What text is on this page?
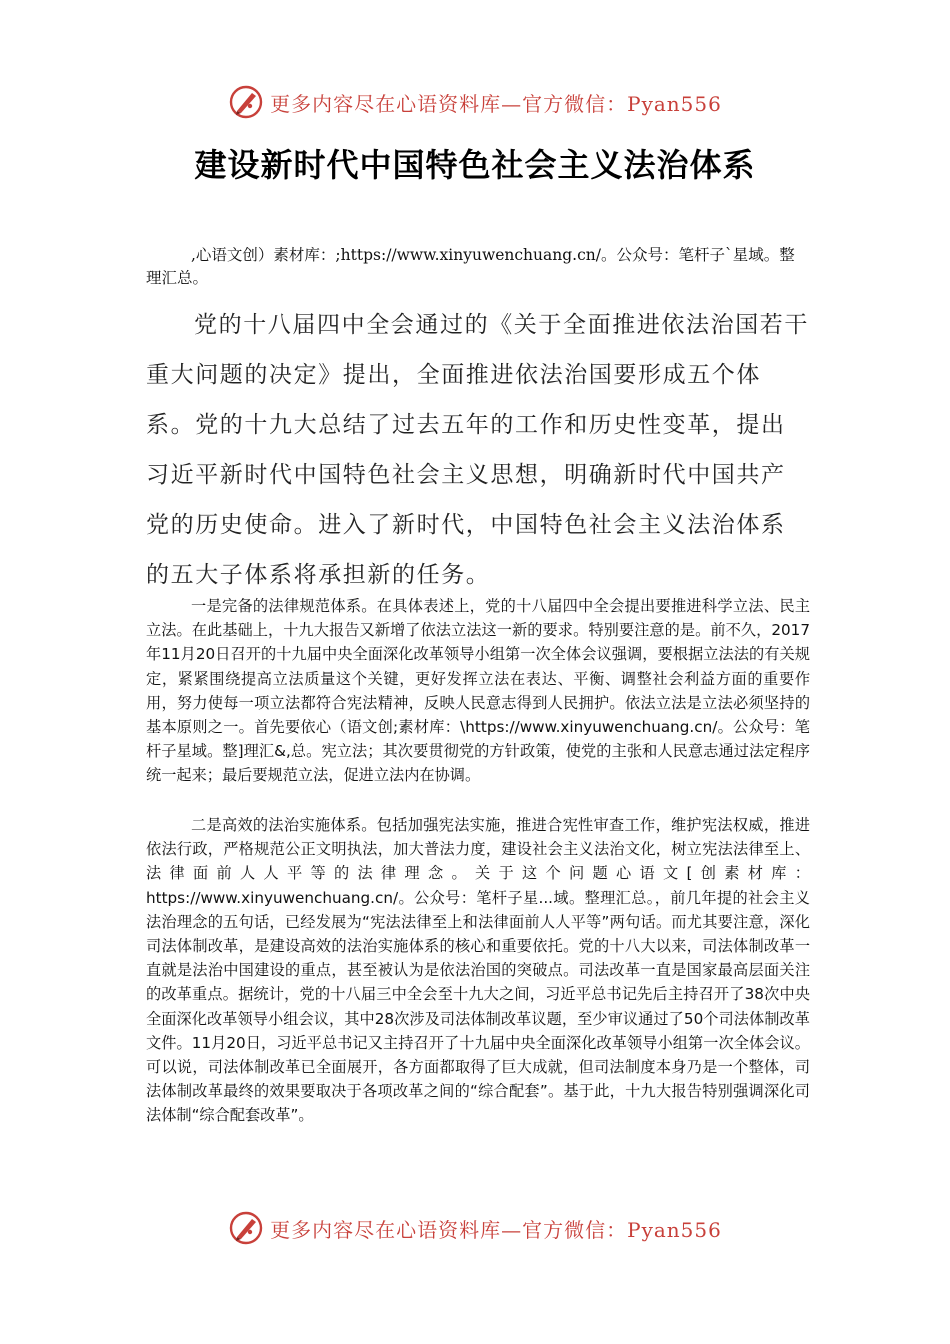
更多内容尽在心语资料库—官方微信：Pyan556
建设新时代中国特色社会主义法治体系

,心语文创）素材库：;https://www.xinyuwenchuang.cn/。公众号：笔杆子`星域。整理汇总。

党的十八届四中全会通过的《关于全面推进依法治国若干重大问题的决定》提出，全面推进依法治国要形成五个体系。党的十九大总结了过去五年的工作和历史性变革，提出习近平新时代中国特色社会主义思想，明确新时代中国共产党的历史使命。进入了新时代，中国特色社会主义法治体系的五大子体系将承担新的任务。

一是完备的法律规范体系。在具体表述上，党的十八届四中全会提出要推进科学立法、民主立法。在此基础上，十九大报告又新增了依法立法这一新的要求。特别要注意的是。前不久，2017年11月20日召开的十九届中央全面深化改革领导小组第一次全体会议强调，要根据立法法的有关规定，紧紧围绕提高立法质量这个关键，更好发挥立法在表达、平衡、调整社会利益方面的重要作用，努力使每一项立法都符合宪法精神，反映人民意志得到人民拥护。依法立法是立法必须坚持的基本原则之一。首先要依心（语文创;素材库：\https://www.xinyuwenchuang.cn/。公众号：笔杆子星域。整]理汇&,总。宪立法；其次要贯彻党的方针政策，使党的主张和人民意志通过法定程序统一起来；最后要规范立法，促进立法内在协调。

二是高效的法治实施体系。包括加强宪法实施，推进合宪性审查工作，维护宪法权威，推进依法行政，严格规范公正文明执法，加大普法力度，建设社会主义法治文化，树立宪法法律至上、法律面前人人平等的法律理念。关于这个问题心语文[创素材库：https://www.xinyuwenchuang.cn/。公众号：笔杆子星...域。整理汇总。，前几年提的社会主义法治理念的五句话，已经发展为“宪法法律至上和法律面前人人平等”两句话。而尤其要注意，深化司法体制改革，是建设高效的法治实施体系的核心和重要依托。党的十八大以来，司法体制改革一直就是法治中国建设的重点，甚至被认为是依法治国的突破点。司法改革一直是国家最高层面关注的改革重点。据统计，党的十八届三中全会至十九大之间，习近平总书记先后主持召开了38次中央全面深化改革领导小组会议，其中28次涉及司法体制改革议题，至少审议通过了50个司法体制改革文件。11月20日，习近平总书记又主持召开了十九届中央全面深化改革领导小组第一次全体会议。可以说，司法体制改革已全面展开，各方面都取得了巨大成就，但司法制度本身乃是一个整体，司法体制改革最终的效果要取决于各项改革之间的“综合配套”。基于此，十九大报告特别强调深化司法体制“综合配套改革”。

更多内容尽在心语资料库—官方微信：Pyan556
